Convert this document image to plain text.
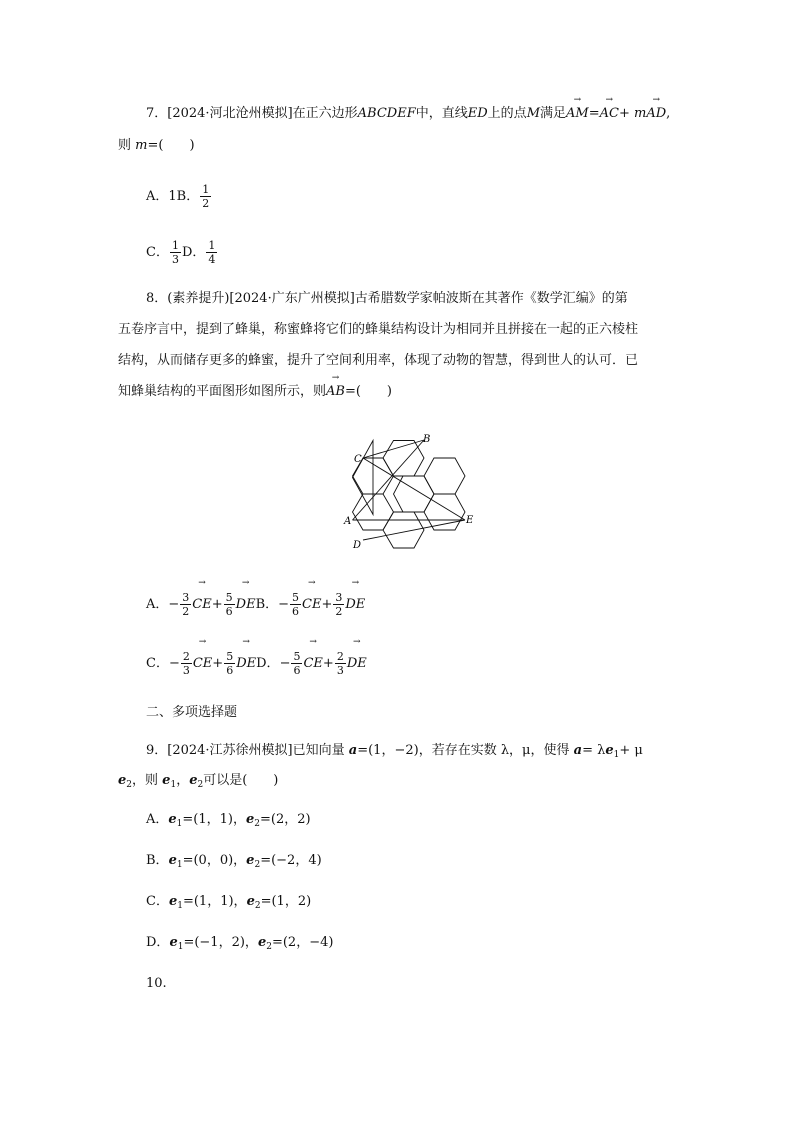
7．[2024·河北沧州模拟]在正六边形ABCDEF中，直线ED上的点M满足→ AM=→ AC+ m→ AD,
则 m=(　　)
A．1B． $\frac{1}{2}$
C． $\frac{1}{3}$ D． $\frac{1}{4}$
8．(素养提升)[2024·广东广州模拟]古希腊数学家帕波斯在其著作《数学汇编》的第
五卷序言中，提到了蜂巢，称蜜蜂将它们的蜂巢结构设计为相同并且拼接在一起的正六棱柱
结构，从而储存更多的蜂蜜，提升了空间利用率，体现了动物的智慧，得到世人的认可．已
知蜂巢结构的平面图形如图所示，则→ AB=(　　)
B
C
A	E
D
A．− $\frac{3}{2}$
→ $CE+ \frac{5}{6}$
→ DEB．− $\frac{5}{6}$
→ $CE+ \frac{3}{2}$
→ DE
C．− $\frac{2}{3}$
→ $CE+ \frac{5}{6}$
→ DED．− $\frac{5}{6}$
→ $CE+ \frac{2}{3}$
→ DE
二、多项选择题
9．[2024·江苏徐州模拟]已知向量 a=(1，−2)，若存在实数 λ，μ，使得 $a= \lambda e_1+ \mu$
$e_2$，则 $e_1$，$e_2$可以是(　　)
A．$e_1=(1$，1)，$e_2=(2$，2)
B．$e_1=(0$，0)，$e_2=(-2$，4)
C．$e_1=(1$，1)，$e_2=(1$，2)
D．$e_1=(-1$，2)，$e_2=(2$，−4)
10.
